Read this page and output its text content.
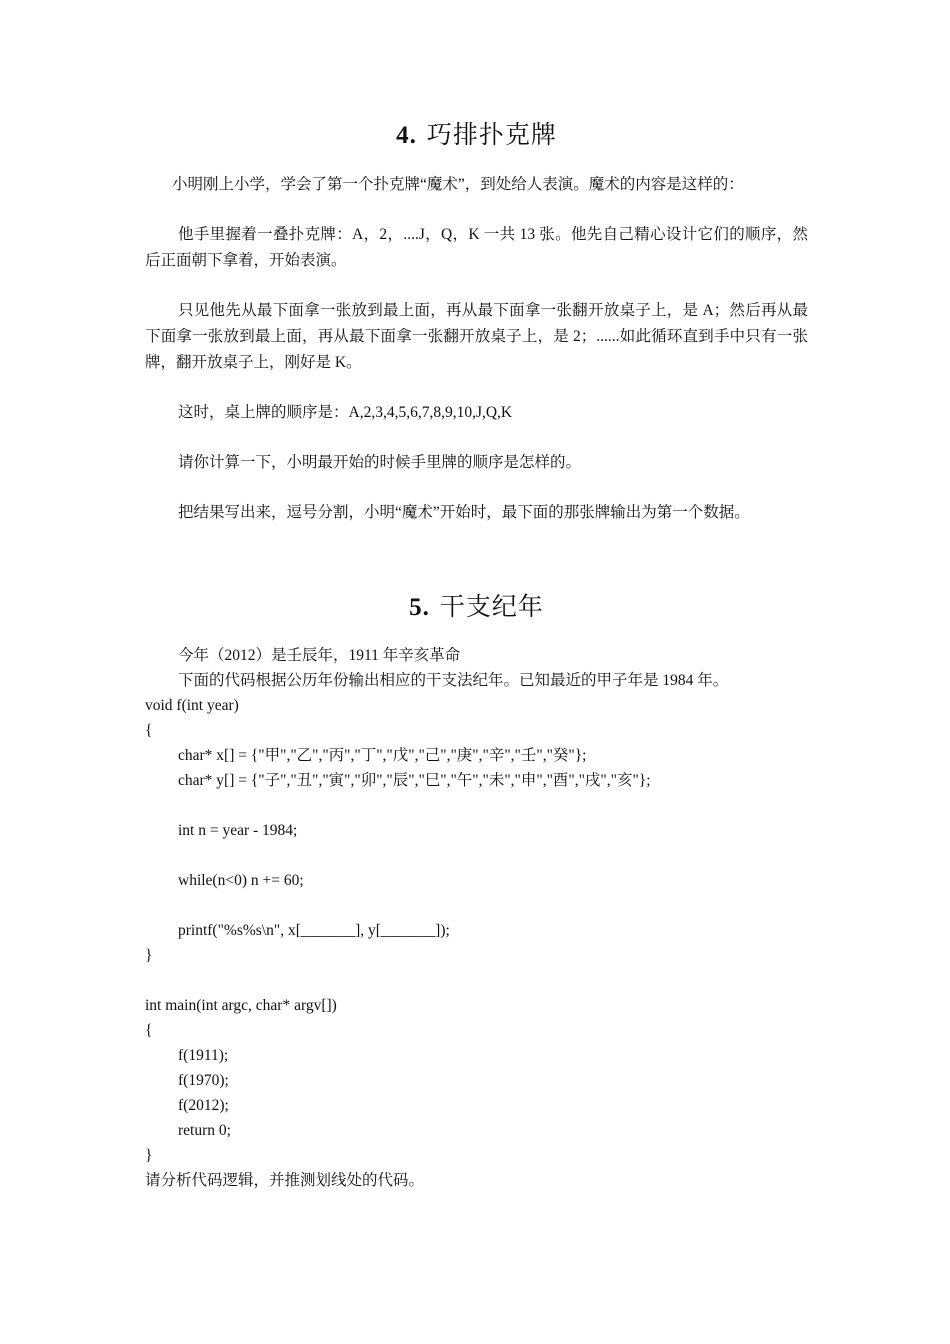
4. 巧排扑克牌

小明刚上小学，学会了第一个扑克牌“魔术”，到处给人表演。魔术的内容是这样的：

他手里握着一叠扑克牌：A，2，....J，Q，K 一共 13 张。他先自己精心设计它们的顺序，然后正面朝下拿着，开始表演。

只见他先从最下面拿一张放到最上面，再从最下面拿一张翻开放桌子上，是 A；然后再从最下面拿一张放到最上面，再从最下面拿一张翻开放桌子上，是 2；......如此循环直到手中只有一张牌，翻开放桌子上，刚好是 K。

这时，桌上牌的顺序是：A,2,3,4,5,6,7,8,9,10,J,Q,K

请你计算一下，小明最开始的时候手里牌的顺序是怎样的。

把结果写出来，逗号分割，小明“魔术”开始时，最下面的那张牌输出为第一个数据。

5. 干支纪年

今年（2012）是壬辰年，1911 年辛亥革命

下面的代码根据公历年份输出相应的干支法纪年。已知最近的甲子年是 1984 年。

void f(int year)
{
char* x[] = {"甲","乙","丙","丁","戊","己","庚","辛","壬","癸"};
char* y[] = {"子","丑","寅","卯","辰","巳","午","未","申","酉","戌","亥"};
int n = year - 1984;
while(n<0) n += 60;
printf("%s%s\n", x[_______], y[_______]);
}
int main(int argc, char* argv[])
{
f(1911);
f(1970);
f(2012);
return 0;
}

请分析代码逻辑，并推测划线处的代码。
